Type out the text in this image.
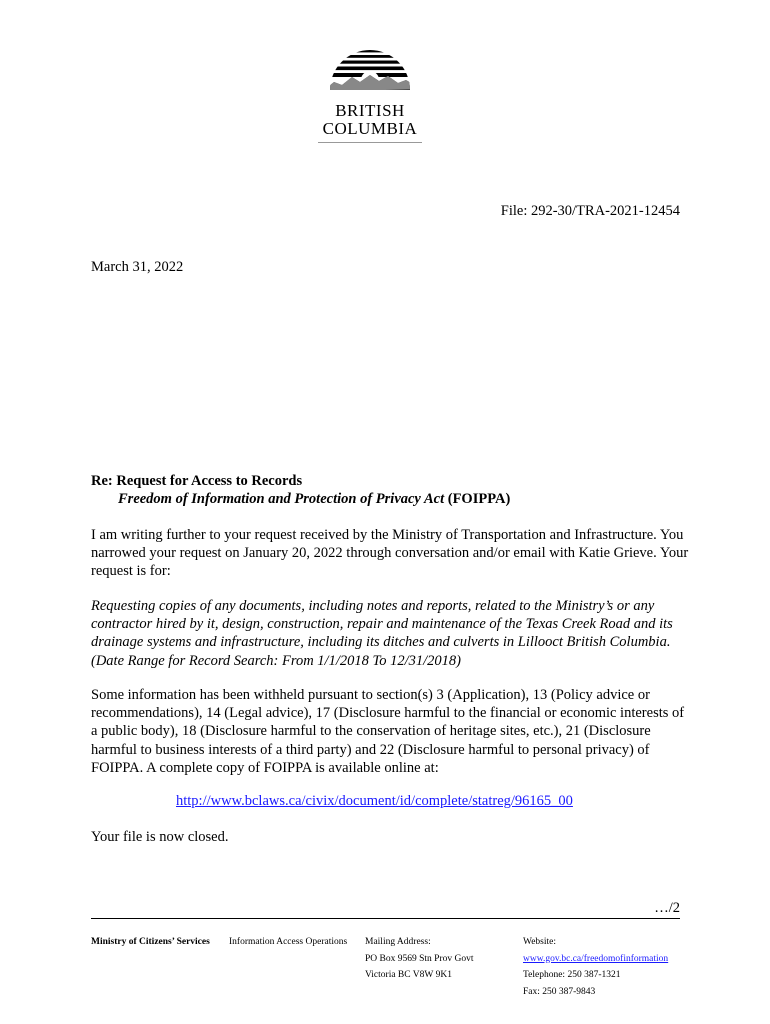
BRITISH
COLUMBIA
File: 292-30/TRA-2021-12454
March 31, 2022
Re: Request for Access to Records
Freedom of Information and Protection of Privacy Act (FOIPPA)
I am writing further to your request received by the Ministry of Transportation and Infrastructure. You narrowed your request on January 20, 2022 through conversation and/or email with Katie Grieve. Your request is for:
Requesting copies of any documents, including notes and reports, related to the Ministry’s or any contractor hired by it, design, construction, repair and maintenance of the Texas Creek Road and its drainage systems and infrastructure, including its ditches and culverts in Lillooct British Columbia. (Date Range for Record Search: From 1/1/2018 To 12/31/2018)
Some information has been withheld pursuant to section(s) 3 (Application), 13 (Policy advice or recommendations), 14 (Legal advice), 17 (Disclosure harmful to the financial or economic interests of a public body), 18 (Disclosure harmful to the conservation of heritage sites, etc.), 21 (Disclosure harmful to business interests of a third party) and 22 (Disclosure harmful to personal privacy) of FOIPPA. A complete copy of FOIPPA is available online at:
http://www.bclaws.ca/civix/document/id/complete/statreg/96165_00
Your file is now closed.
…/2
Ministry of Citizens’ Services Information Access Operations Mailing Address:
PO Box 9569 Stn Prov Govt
Victoria BC V8W 9K1
Website:
www.gov.bc.ca/freedomofinformation
Telephone: 250 387-1321
Fax: 250 387-9843
